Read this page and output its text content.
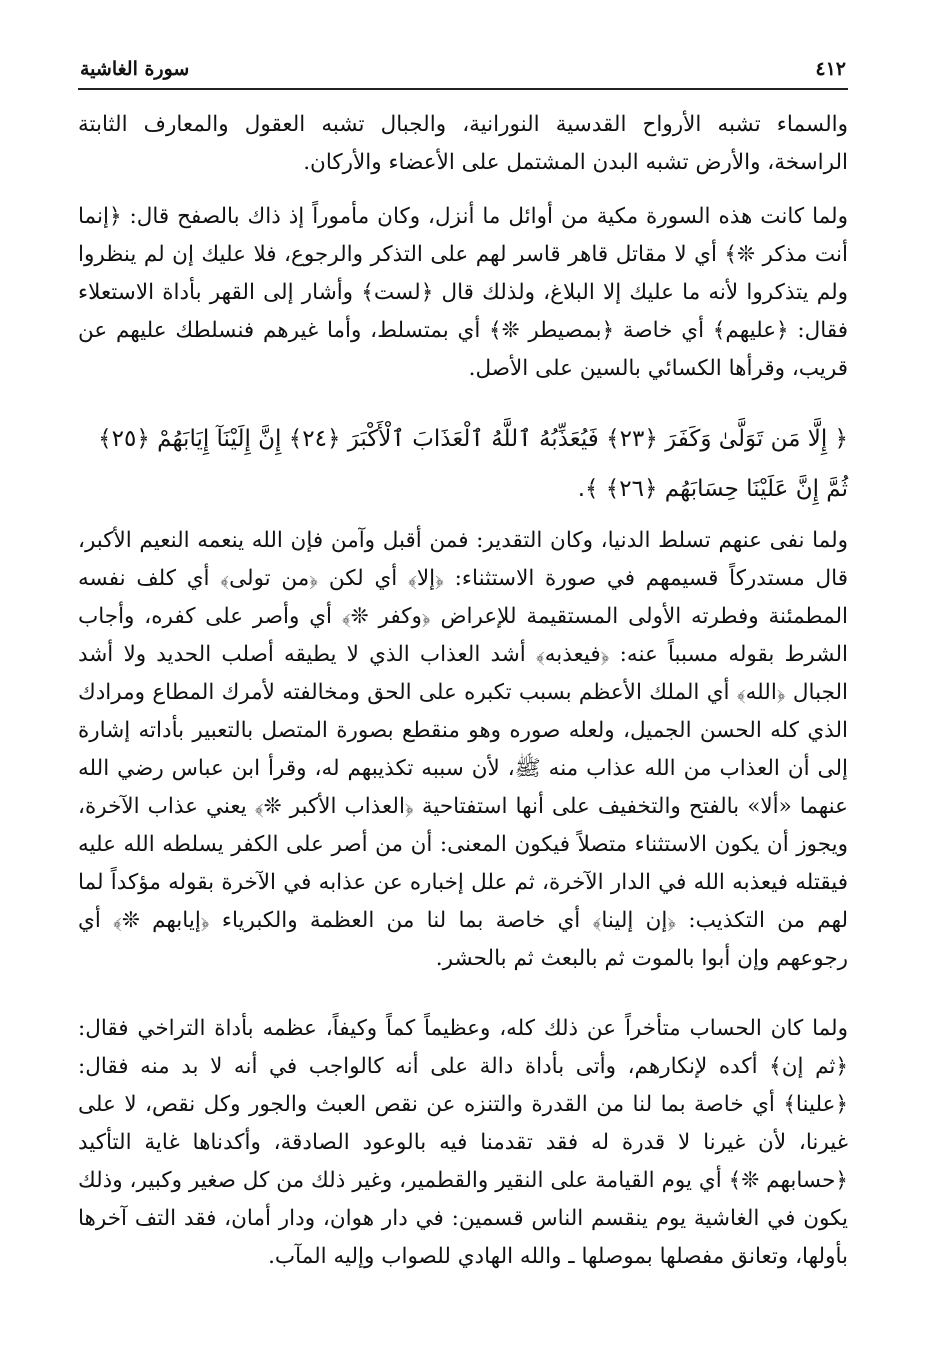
٤١٢
سورة الغاشية

والسماء تشبه الأرواح القدسية النورانية، والجبال تشبه العقول والمعارف الثابتة الراسخة، والأرض تشبه البدن المشتمل على الأعضاء والأركان.

ولما كانت هذه السورة مكية من أوائل ما أنزل، وكان مأموراً إذ ذاك بالصفح قال: ﴿إنما أنت مذكر ❊﴾ أي لا مقاتل قاهر قاسر لهم على التذكر والرجوع، فلا عليك إن لم ينظروا ولم يتذكروا لأنه ما عليك إلا البلاغ، ولذلك قال ﴿لست﴾ وأشار إلى القهر بأداة الاستعلاء فقال: ﴿عليهم﴾ أي خاصة ﴿بمصيطر ❊﴾ أي بمتسلط، وأما غيرهم فنسلطك عليهم عن قريب، وقرأها الكسائي بالسين على الأصل.

﴿ إِلَّا مَن تَوَلَّىٰ وَكَفَرَ ﴿٢٣﴾ فَيُعَذِّبُهُ ٱللَّهُ ٱلْعَذَابَ ٱلْأَكْبَرَ ﴿٢٤﴾ إِنَّ إِلَيْنَآ إِيَابَهُمْ ﴿٢٥﴾ ثُمَّ إِنَّ عَلَيْنَا حِسَابَهُم ﴿٢٦﴾ ﴾.

ولما نفى عنهم تسلط الدنيا، وكان التقدير: فمن أقبل وآمن فإن الله ينعمه النعيم الأكبر، قال مستدركاً قسيمهم في صورة الاستثناء: ﴿إلا﴾ أي لكن ﴿من تولى﴾ أي كلف نفسه المطمئنة وفطرته الأولى المستقيمة للإعراض ﴿وكفر ❊﴾ أي وأصر على كفره، وأجاب الشرط بقوله مسبباً عنه: ﴿فيعذبه﴾ أشد العذاب الذي لا يطيقه أصلب الحديد ولا أشد الجبال ﴿الله﴾ أي الملك الأعظم بسبب تكبره على الحق ومخالفته لأمرك المطاع ومرادك الذي كله الحسن الجميل، ولعله صوره وهو منقطع بصورة المتصل بالتعبير بأداته إشارة إلى أن العذاب من الله عذاب منه ﷺ، لأن سببه تكذيبهم له، وقرأ ابن عباس رضي الله عنهما «ألا» بالفتح والتخفيف على أنها استفتاحية ﴿العذاب الأكبر ❊﴾ يعني عذاب الآخرة، ويجوز أن يكون الاستثناء متصلاً فيكون المعنى: أن من أصر على الكفر يسلطه الله عليه فيقتله فيعذبه الله في الدار الآخرة، ثم علل إخباره عن عذابه في الآخرة بقوله مؤكداً لما لهم من التكذيب: ﴿إن إلينا﴾ أي خاصة بما لنا من العظمة والكبرياء ﴿إيابهم ❊﴾ أي رجوعهم وإن أبوا بالموت ثم بالبعث ثم بالحشر.

ولما كان الحساب متأخراً عن ذلك كله، وعظيماً كماً وكيفاً، عظمه بأداة التراخي فقال: ﴿ثم إن﴾ أكده لإنكارهم، وأتى بأداة دالة على أنه كالواجب في أنه لا بد منه فقال: ﴿علينا﴾ أي خاصة بما لنا من القدرة والتنزه عن نقص العبث والجور وكل نقص، لا على غيرنا، لأن غيرنا لا قدرة له فقد تقدمنا فيه بالوعود الصادقة، وأكدناها غاية التأكيد ﴿حسابهم ❊﴾ أي يوم القيامة على النقير والقطمير، وغير ذلك من كل صغير وكبير، وذلك يكون في الغاشية يوم ينقسم الناس قسمين: في دار هوان، ودار أمان، فقد التف آخرها بأولها، وتعانق مفصلها بموصلها ـ والله الهادي للصواب وإليه المآب.
